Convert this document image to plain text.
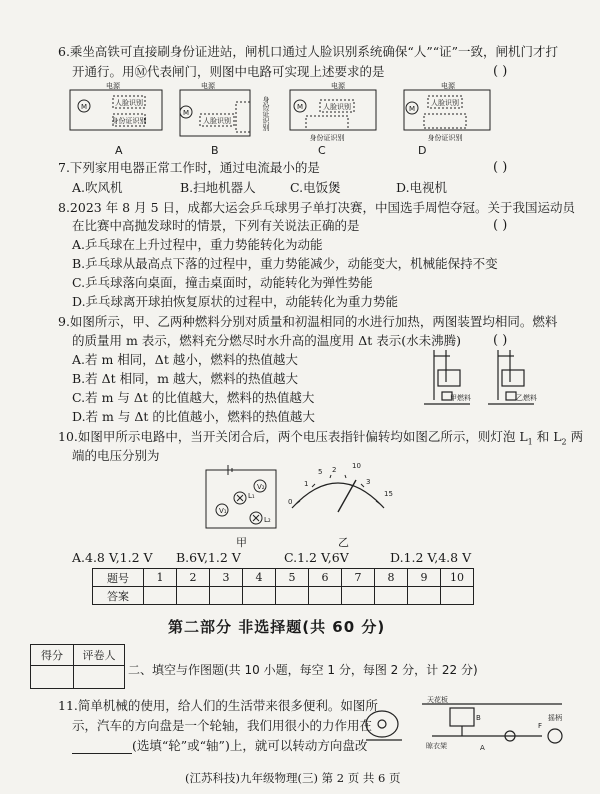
6.乘坐高铁可直接刷身份证进站，闸机口通过人脸识别系统确保“人”“证”一致，闸机门才打
开通行。用Ⓜ代表闸门，则图中电路可实现上述要求的是	( )
M
M
M	M
电源	电源	电源	电源
人脸识别
身份证识别	人脸识别
人脸识别
身份证识别
人脸识别
身份证识别
身份证识别
A	B	C	D
7.下列家用电器正常工作时，通过电流最小的是	( )
A.吹风机	B.扫地机器人	C.电饭煲	D.电视机
8.2023 年 8 月 5 日，成都大运会乒乓球男子单打决赛，中国选手周恺夺冠。关于我国运动员
在比赛中高抛发球时的情景，下列有关说法正确的是	( )
A.乒乓球在上升过程中，重力势能转化为动能
B.乒乓球从最高点下落的过程中，重力势能减少，动能变大，机械能保持不变
C.乒乓球落向桌面，撞击桌面时，动能转化为弹性势能
D.乒乓球离开球拍恢复原状的过程中，动能转化为重力势能
9.如图所示，甲、乙两种燃料分别对质量和初温相同的水进行加热，两图装置均相同。燃料
的质量用 m 表示，燃料充分燃尽时水升高的温度用 Δt 表示(水未沸腾) ( )
A.若 m 相同，Δt 越小，燃料的热值越大
B.若 Δt 相同，m 越大，燃料的热值越大
C.若 m 与 Δt 的比值越大，燃料的热值越大
D.若 m 与 Δt 的比值越小，燃料的热值越大
甲燃料	乙燃料
10.如图甲所示电路中，当开关闭合后，两个电压表指针偏转均如图乙所示，则灯泡 $L_1$ 和 $L_2$ 两
端的电压分别为
L₁
L₂
V₂
V₁
0
1
2
3
5
10
15
甲	乙
A.4.8 V,1.2 V B.6V,1.2 V	C.1.2 V,6V	D.1.2 V,4.8 V
题号	1	2	3	4	5	6	7	8	9	10
答案										
第二部分 非选择题(共 60 分)
得分	评卷人

二、填空与作图题(共 10 小题，每空 1 分，每图 2 分，计 22 分)
11.简单机械的使用，给人们的生活带来很多便利。如图所
示，汽车的方向盘是一个轮轴，我们用很小的力作用在
(选填“轮”或“轴”)上，就可以转动方向盘改
天花板
晾衣架
摇柄
B
F
A
(江苏科技)九年级物理(三) 第 2 页 共 6 页
